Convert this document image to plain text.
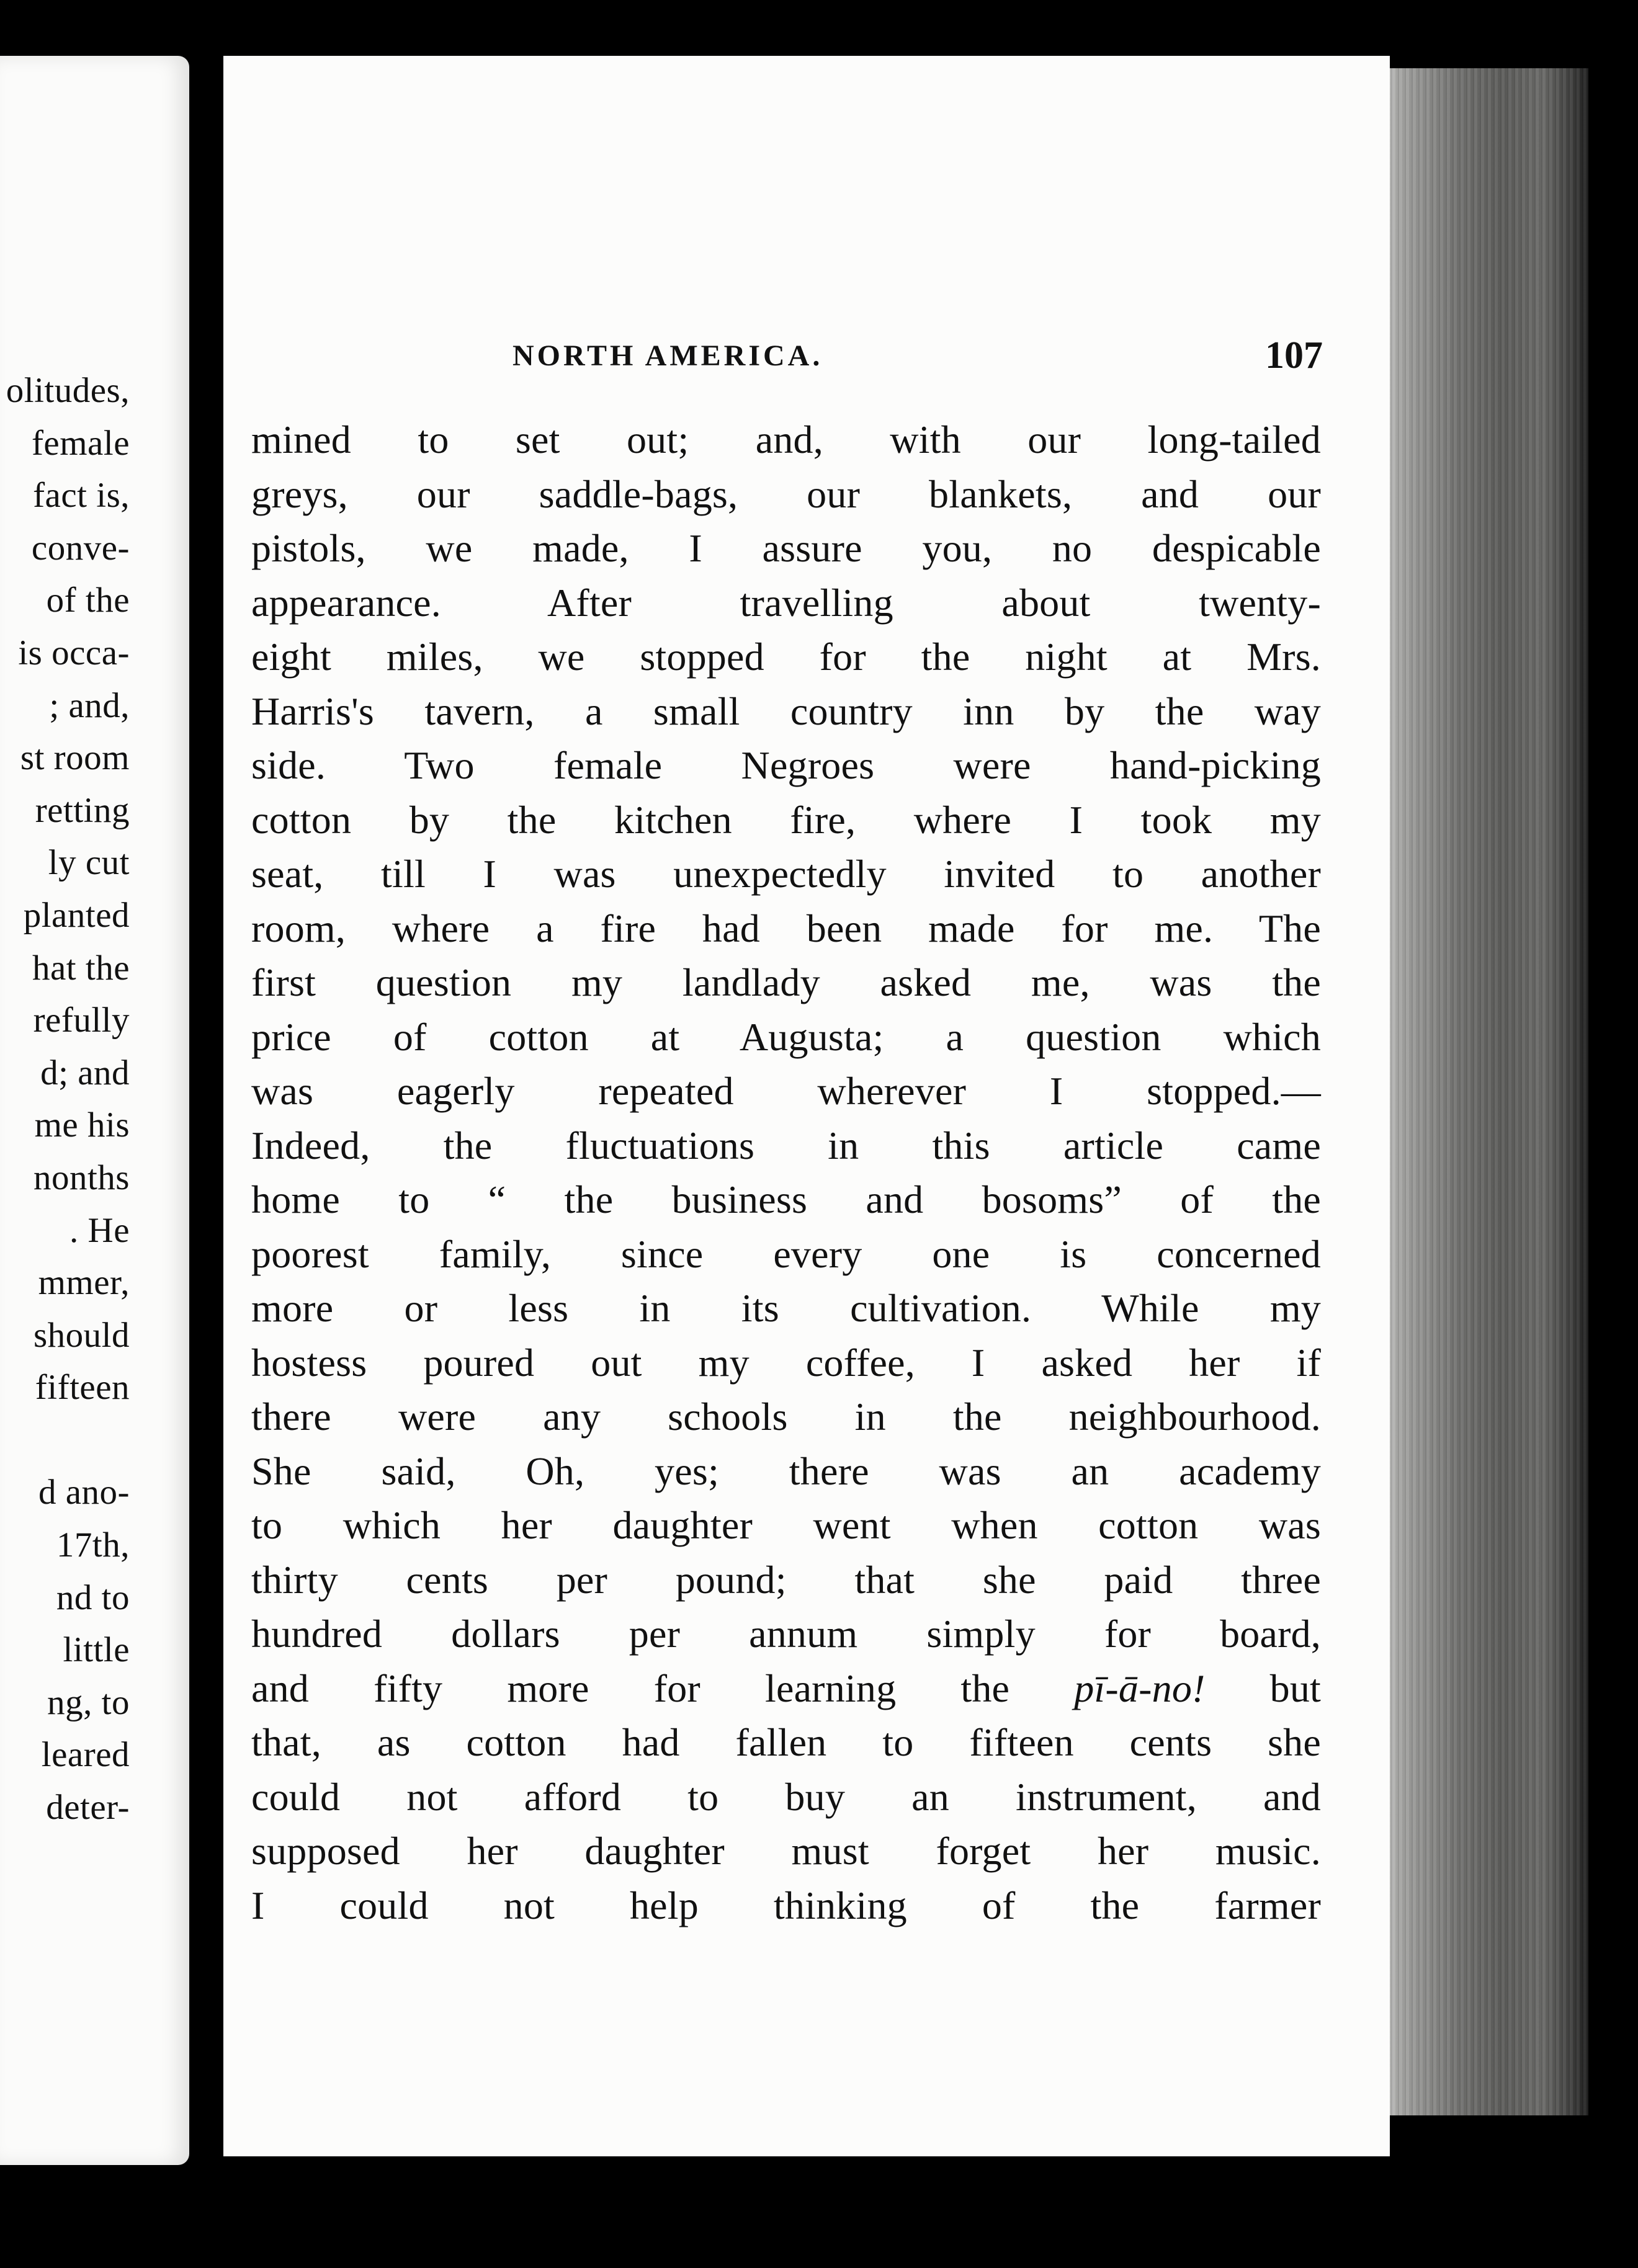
olitudes,
female
fact is,
conve-
of the
is occa-
; and,
st room
retting
ly cut
planted
hat the
refully
d; and
me his
nonths
. He
mmer,
should
fifteen
d ano-
17th,
nd to
little
ng, to
leared
deter-
NORTH AMERICA.	107
mined to set out; and, with our long-tailed
greys, our saddle-bags, our blankets, and our
pistols, we made, I assure you, no despicable
appearance. After travelling about twenty-
eight miles, we stopped for the night at Mrs.
Harris's tavern, a small country inn by the way
side. Two female Negroes were hand-picking
cotton by the kitchen fire, where I took my
seat, till I was unexpectedly invited to another
room, where a fire had been made for me. The
first question my landlady asked me, was the
price of cotton at Augusta; a question which
was eagerly repeated wherever I stopped.—
Indeed, the fluctuations in this article came
home to “ the business and bosoms” of the
poorest family, since every one is concerned
more or less in its cultivation. While my
hostess poured out my coffee, I asked her if
there were any schools in the neighbourhood.
She said, Oh, yes; there was an academy
to which her daughter went when cotton was
thirty cents per pound; that she paid three
hundred dollars per annum simply for board,
and fifty more for learning the pī-ā-no! but
that, as cotton had fallen to fifteen cents she
could not afford to buy an instrument, and
supposed her daughter must forget her music.
I could not help thinking of the farmer
